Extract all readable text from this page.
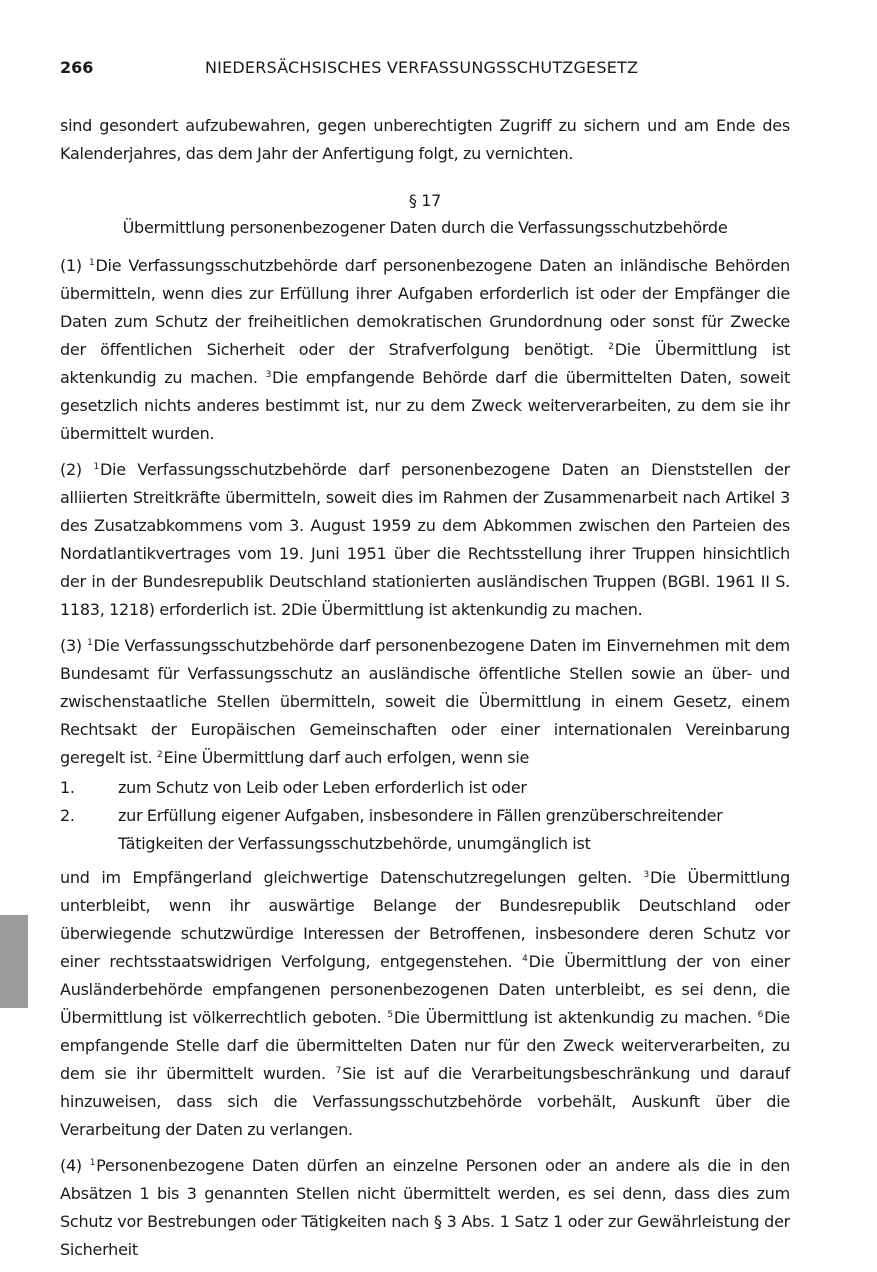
266	NIEDERSÄCHSISCHES VERFASSUNGSSCHUTZGESETZ

sind gesondert aufzubewahren, gegen unberechtigten Zugriff zu sichern und am Ende des Kalenderjahres, das dem Jahr der Anfertigung folgt, zu vernichten.

§ 17
Übermittlung personenbezogener Daten durch die Verfassungsschutzbehörde

(1) $^1$Die Verfassungsschutzbehörde darf personenbezogene Daten an inländische Behörden übermitteln, wenn dies zur Erfüllung ihrer Aufgaben erforderlich ist oder der Empfänger die Daten zum Schutz der freiheitlichen demokratischen Grundordnung oder sonst für Zwecke der öffentlichen Sicherheit oder der Strafverfolgung benötigt. $^2$Die Übermittlung ist aktenkundig zu machen. $^3$Die empfangende Behörde darf die übermittelten Daten, soweit gesetzlich nichts anderes bestimmt ist, nur zu dem Zweck weiterverarbeiten, zu dem sie ihr übermittelt wurden.

(2) $^1$Die Verfassungsschutzbehörde darf personenbezogene Daten an Dienststellen der alliierten Streitkräfte übermitteln, soweit dies im Rahmen der Zusammenarbeit nach Artikel 3 des Zusatzabkommens vom 3. August 1959 zu dem Abkommen zwischen den Parteien des Nordatlantikvertrages vom 19. Juni 1951 über die Rechtsstellung ihrer Truppen hinsichtlich der in der Bundesrepublik Deutschland stationierten ausländischen Truppen (BGBl. 1961 II S. 1183, 1218) erforderlich ist. 2Die Übermittlung ist aktenkundig zu machen.

(3) $^1$Die Verfassungsschutzbehörde darf personenbezogene Daten im Einvernehmen mit dem Bundesamt für Verfassungsschutz an ausländische öffentliche Stellen sowie an über- und zwischenstaatliche Stellen übermitteln, soweit die Übermittlung in einem Gesetz, einem Rechtsakt der Europäischen Gemeinschaften oder einer internationalen Vereinbarung geregelt ist. $^2$Eine Übermittlung darf auch erfolgen, wenn sie

1.	zum Schutz von Leib oder Leben erforderlich ist oder
2.	zur Erfüllung eigener Aufgaben, insbesondere in Fällen grenzüberschreitender Tätigkeiten der Verfassungsschutzbehörde, unumgänglich ist

und im Empfängerland gleichwertige Datenschutzregelungen gelten. $^3$Die Übermittlung unterbleibt, wenn ihr auswärtige Belange der Bundesrepublik Deutschland oder überwiegende schutzwürdige Interessen der Betroffenen, insbesondere deren Schutz vor einer rechtsstaatswidrigen Verfolgung, entgegenstehen. $^4$Die Übermittlung der von einer Ausländerbehörde empfangenen personenbezogenen Daten unterbleibt, es sei denn, die Übermittlung ist völkerrechtlich geboten. $^5$Die Übermittlung ist aktenkundig zu machen. $^6$Die empfangende Stelle darf die übermittelten Daten nur für den Zweck weiterverarbeiten, zu dem sie ihr übermittelt wurden. $^7$Sie ist auf die Verarbeitungsbeschränkung und darauf hinzuweisen, dass sich die Verfassungsschutzbehörde vorbehält, Auskunft über die Verarbeitung der Daten zu verlangen.

(4) $^1$Personenbezogene Daten dürfen an einzelne Personen oder an andere als die in den Absätzen 1 bis 3 genannten Stellen nicht übermittelt werden, es sei denn, dass dies zum Schutz vor Bestrebungen oder Tätigkeiten nach § 3 Abs. 1 Satz 1 oder zur Gewährleistung der Sicherheit
